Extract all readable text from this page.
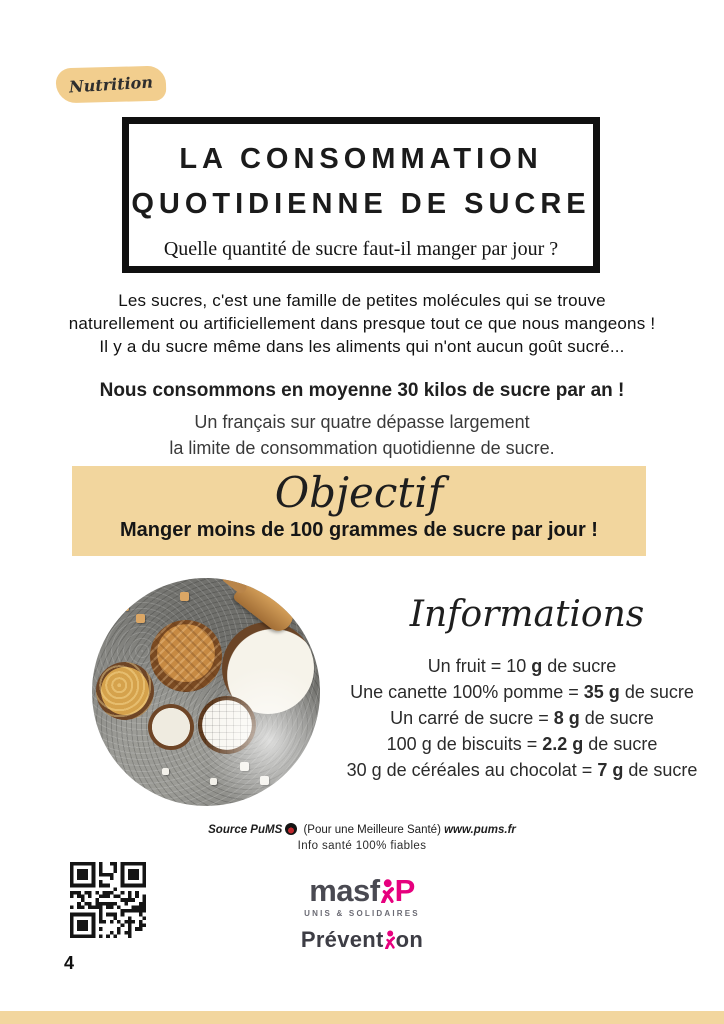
Nutrition
LA CONSOMMATION
QUOTIDIENNE DE SUCRE
Quelle quantité de sucre faut-il manger par jour ?
Les sucres, c'est une famille de petites molécules qui se trouve
naturellement ou artificiellement dans presque tout ce que nous mangeons !
Il y a du sucre même dans les aliments qui n'ont aucun goût sucré...
Nous consommons en moyenne 30 kilos de sucre par an !
Un français sur quatre dépasse largement
la limite de consommation quotidienne de sucre.
Objectif
Manger moins de 100 grammes de sucre par jour !
Informations
Un fruit = 10 g de sucre
Une canette 100% pomme = 35 g de sucre
Un carré de sucre = 8 g de sucre
100 g de biscuits = 2.2 g de sucre
30 g de céréales au chocolat = 7 g de sucre
Source PuMS (Pour une Meilleure Santé) www.pums.fr
Info santé 100% fiables
masf P
UNIS & SOLIDAIRES
Prévent on
4
